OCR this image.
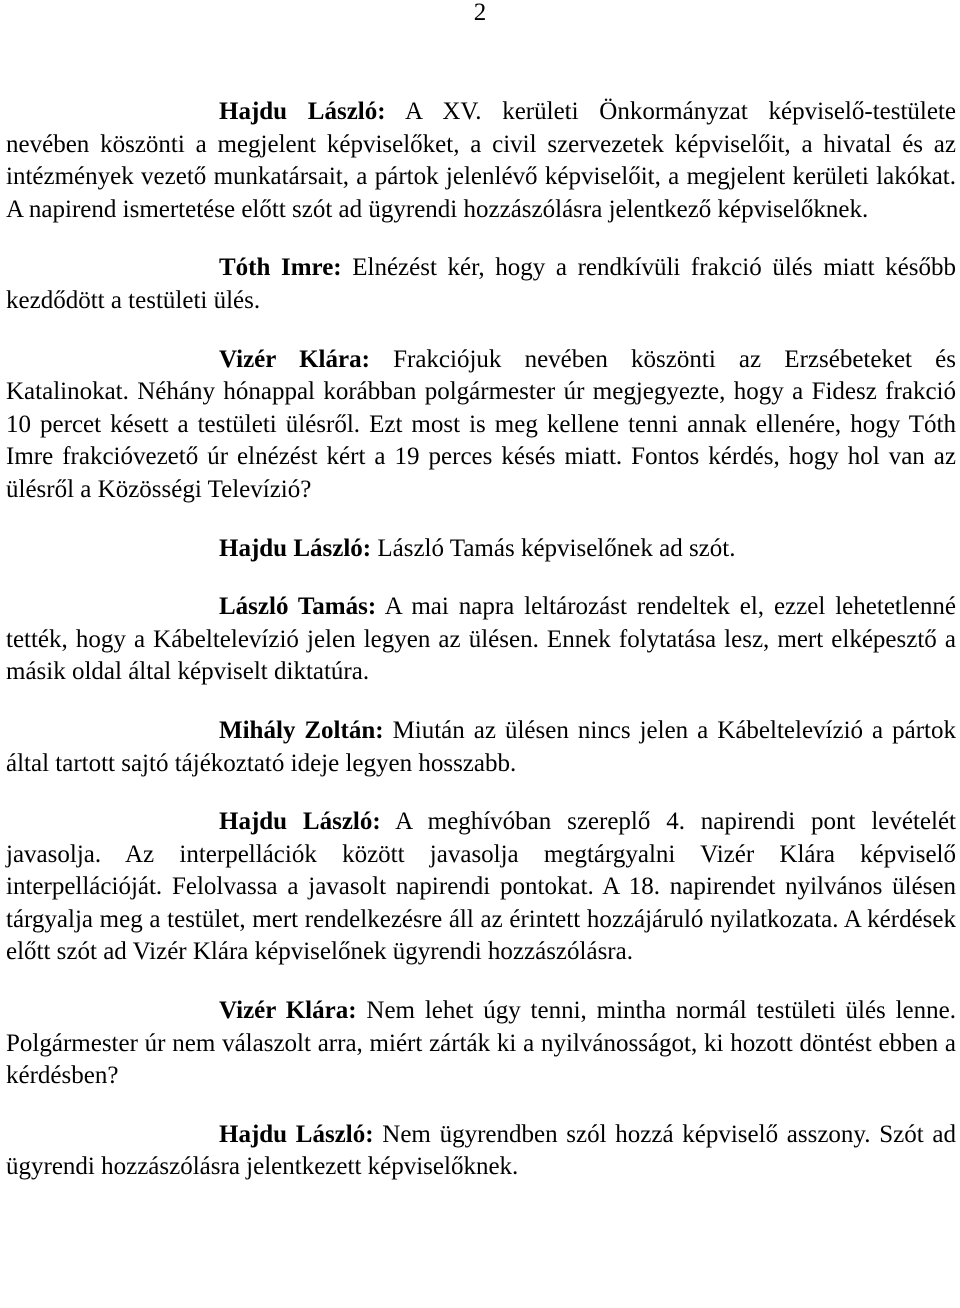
2

Hajdu László: A XV. kerületi Önkormányzat képviselő-testülete nevében köszönti a megjelent képviselőket, a civil szervezetek képviselőit, a hivatal és az intézmények vezető munkatársait, a pártok jelenlévő képviselőit, a megjelent kerületi lakókat. A napirend ismertetése előtt szót ad ügyrendi hozzászólásra jelentkező képviselőknek.

Tóth Imre: Elnézést kér, hogy a rendkívüli frakció ülés miatt később kezdődött a testületi ülés.

Vizér Klára: Frakciójuk nevében köszönti az Erzsébeteket és Katalinokat. Néhány hónappal korábban polgármester úr megjegyezte, hogy a Fidesz frakció 10 percet késett a testületi ülésről. Ezt most is meg kellene tenni annak ellenére, hogy Tóth Imre frakcióvezető úr elnézést kért a 19 perces késés miatt. Fontos kérdés, hogy hol van az ülésről a Közösségi Televízió?

Hajdu László: László Tamás képviselőnek ad szót.

László Tamás: A mai napra leltározást rendeltek el, ezzel lehetetlenné tették, hogy a Kábeltelevízió jelen legyen az ülésen. Ennek folytatása lesz, mert elképesztő a másik oldal által képviselt diktatúra.

Mihály Zoltán: Miután az ülésen nincs jelen a Kábeltelevízió a pártok által tartott sajtó tájékoztató ideje legyen hosszabb.

Hajdu László: A meghívóban szereplő 4. napirendi pont levételét javasolja. Az interpellációk között javasolja megtárgyalni Vizér Klára képviselő interpellációját. Felolvassa a javasolt napirendi pontokat. A 18. napirendet nyilvános ülésen tárgyalja meg a testület, mert rendelkezésre áll az érintett hozzájáruló nyilatkozata. A kérdések előtt szót ad Vizér Klára képviselőnek ügyrendi hozzászólásra.

Vizér Klára: Nem lehet úgy tenni, mintha normál testületi ülés lenne. Polgármester úr nem válaszolt arra, miért zárták ki a nyilvánosságot, ki hozott döntést ebben a kérdésben?

Hajdu László: Nem ügyrendben szól hozzá képviselő asszony. Szót ad ügyrendi hozzászólásra jelentkezett képviselőknek.
